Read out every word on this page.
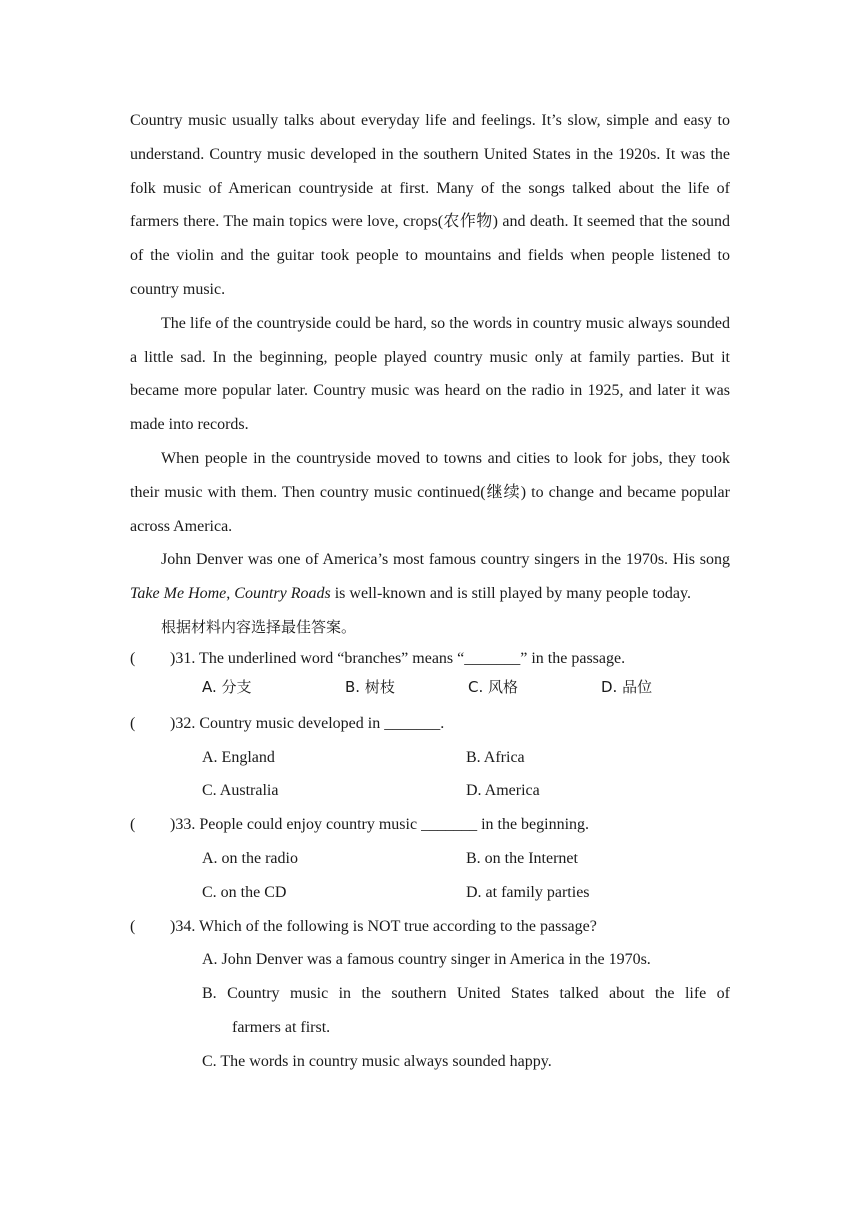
Country music usually talks about everyday life and feelings. It’s slow, simple and easy to understand. Country music developed in the southern United States in the 1920s. It was the folk music of American countryside at first. Many of the songs talked about the life of farmers there. The main topics were love, crops(农作物) and death. It seemed that the sound of the violin and the guitar took people to mountains and fields when people listened to country music.

The life of the countryside could be hard, so the words in country music always sounded a little sad. In the beginning, people played country music only at family parties. But it became more popular later. Country music was heard on the radio in 1925, and later it was made into records.

When people in the countryside moved to towns and cities to look for jobs, they took their music with them. Then country music continued(继续) to change and became popular across America.

John Denver was one of America’s most famous country singers in the 1970s. His song Take Me Home, Country Roads is well-known and is still played by many people today.

根据材料内容选择最佳答案。

(	)31. The underlined word “branches” means “_______” in the passage.
A. 分支	B. 树枝	C. 风格	D. 品位
(	)32. Country music developed in _______.
A. England	B. Africa
C. Australia	D. America
(	)33. People could enjoy country music _______ in the beginning.
A. on the radio	B. on the Internet
C. on the CD	D. at family parties
(	)34. Which of the following is NOT true according to the passage?
A. John Denver was a famous country singer in America in the 1970s.
B. Country music in the southern United States talked about the life of
farmers at first.
C. The words in country music always sounded happy.
